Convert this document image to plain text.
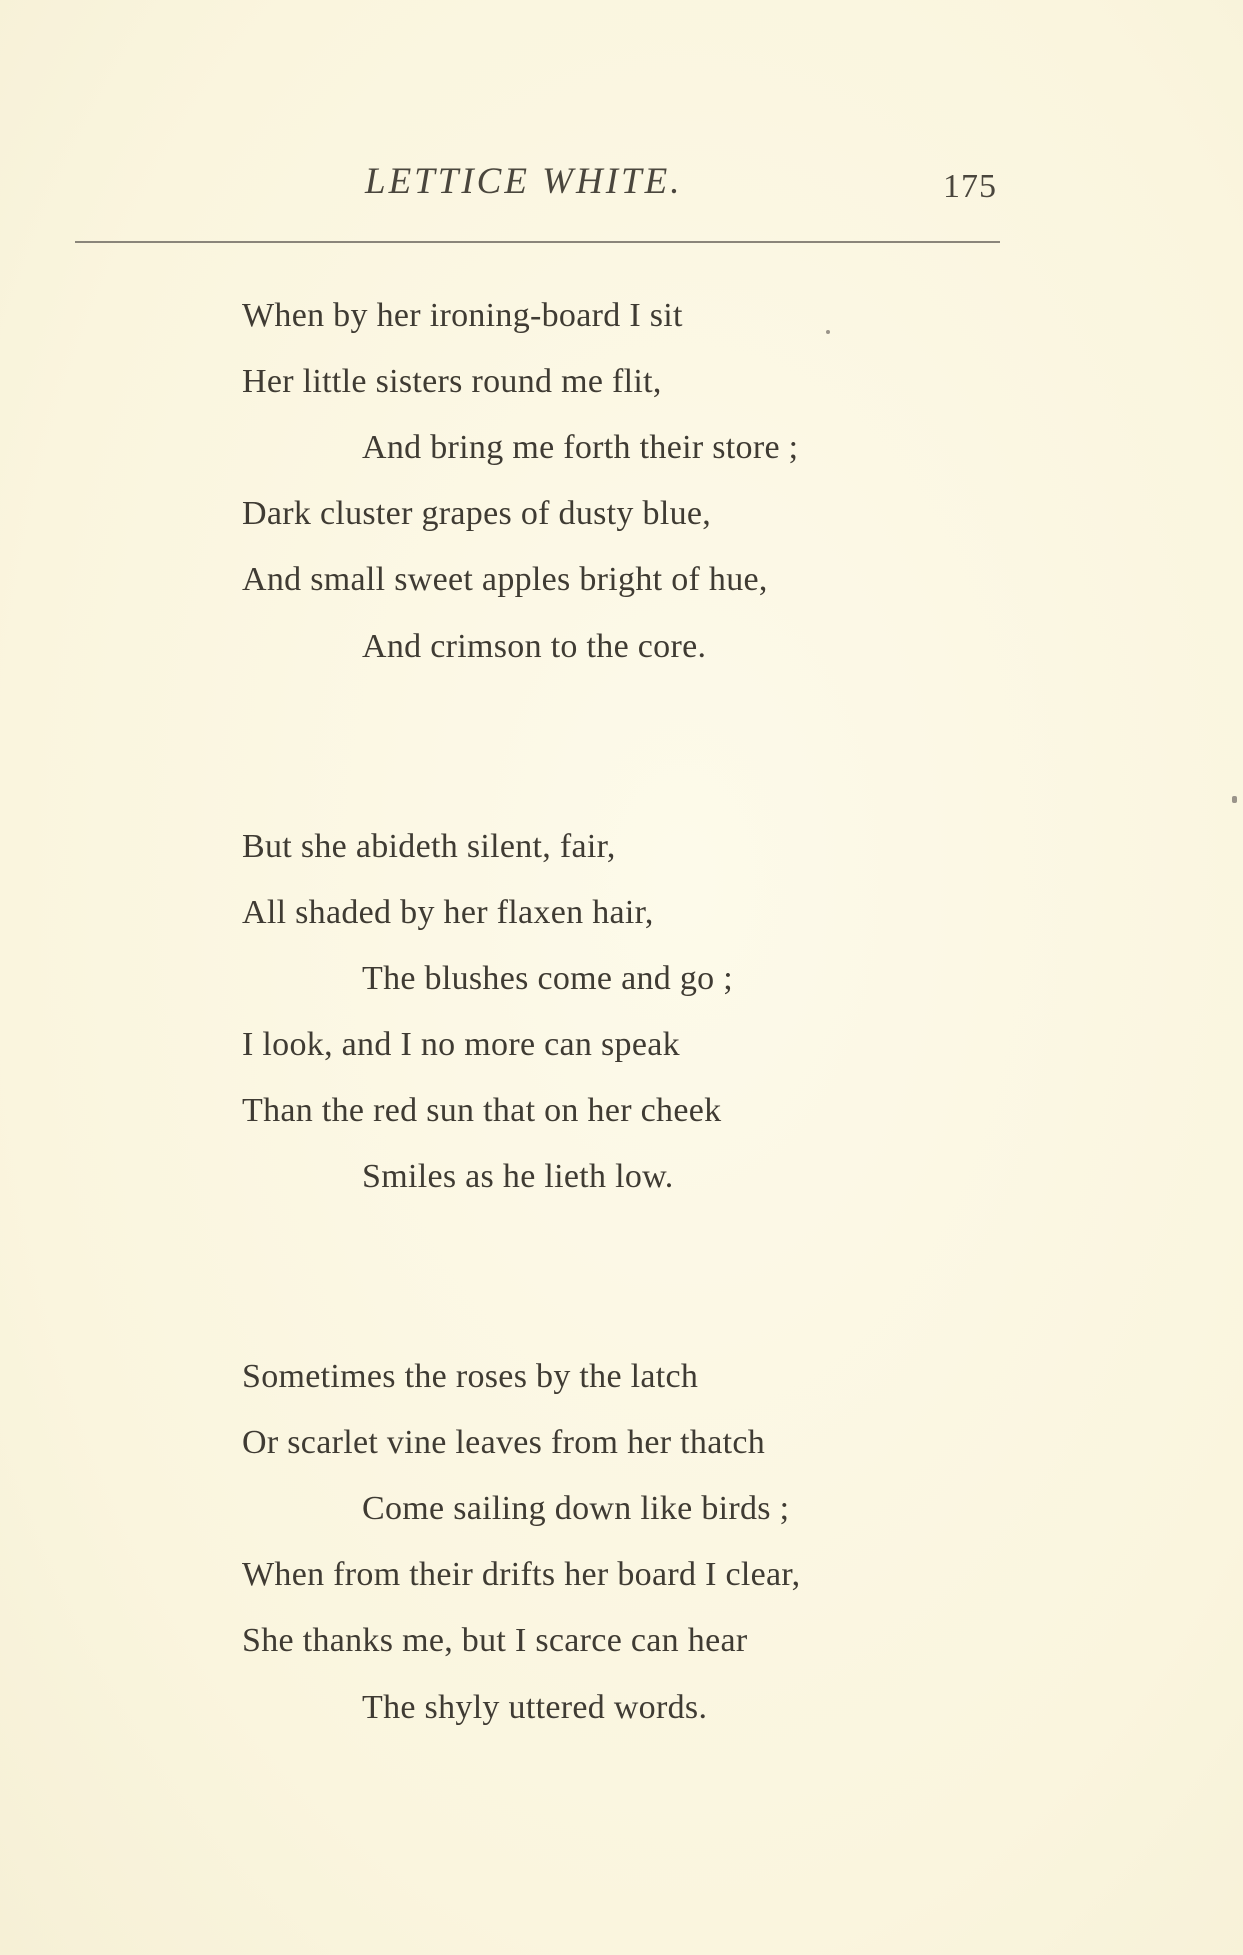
LETTICE WHITE.	175
When by her ironing-board I sit
Her little sisters round me flit,
And bring me forth their store ;
Dark cluster grapes of dusty blue,
And small sweet apples bright of hue,
And crimson to the core.
But she abideth silent, fair,
All shaded by her flaxen hair,
The blushes come and go ;
I look, and I no more can speak
Than the red sun that on her cheek
Smiles as he lieth low.
Sometimes the roses by the latch
Or scarlet vine leaves from her thatch
Come sailing down like birds ;
When from their drifts her board I clear,
She thanks me, but I scarce can hear
The shyly uttered words.
